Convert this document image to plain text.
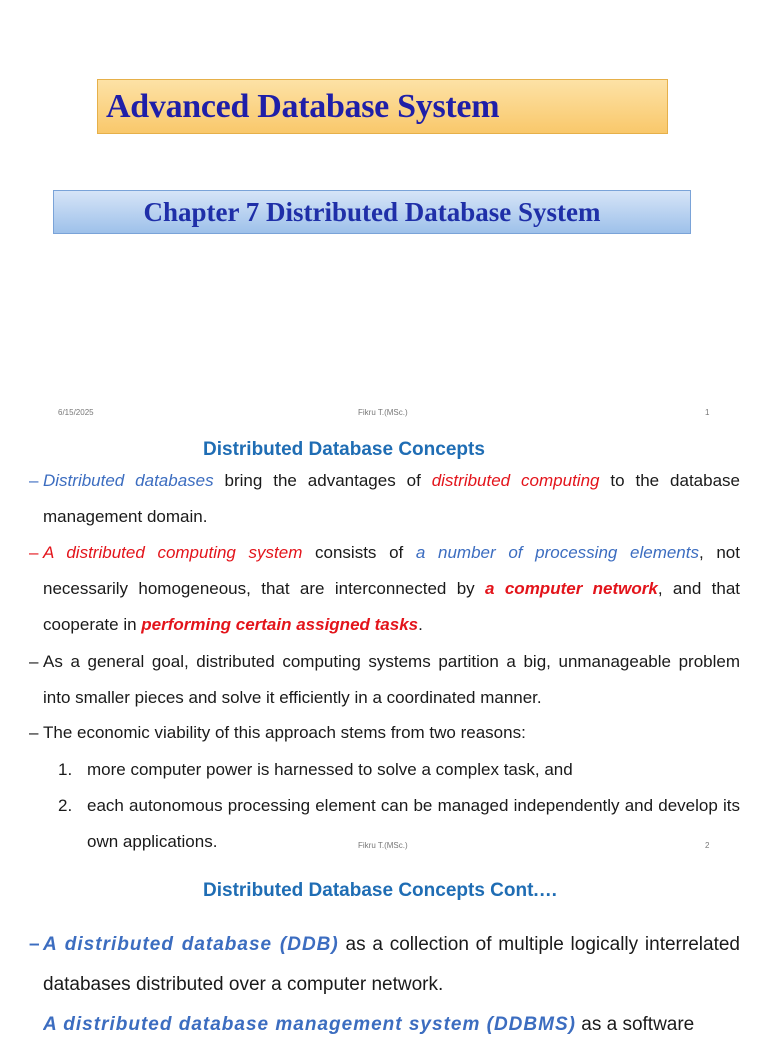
Advanced Database System
Chapter 7 Distributed Database System
6/15/2025	Fikru T.(MSc.)	1
Distributed Database Concepts
– Distributed databases bring the advantages of distributed computing to the database management domain.
– A distributed computing system consists of a number of processing elements, not necessarily homogeneous, that are interconnected by a computer network, and that cooperate in performing certain assigned tasks.
– As a general goal, distributed computing systems partition a big, unmanageable problem into smaller pieces and solve it efficiently in a coordinated manner.
– The economic viability of this approach stems from two reasons:
1. more computer power is harnessed to solve a complex task, and
2. each autonomous processing element can be managed independently and develop its own applications.	Fikru T.(MSc.)	2
Distributed Database Concepts Cont.…
– A distributed database (DDB) as a collection of multiple logically interrelated databases distributed over a computer network.
A distributed database management system (DDBMS) as a software
